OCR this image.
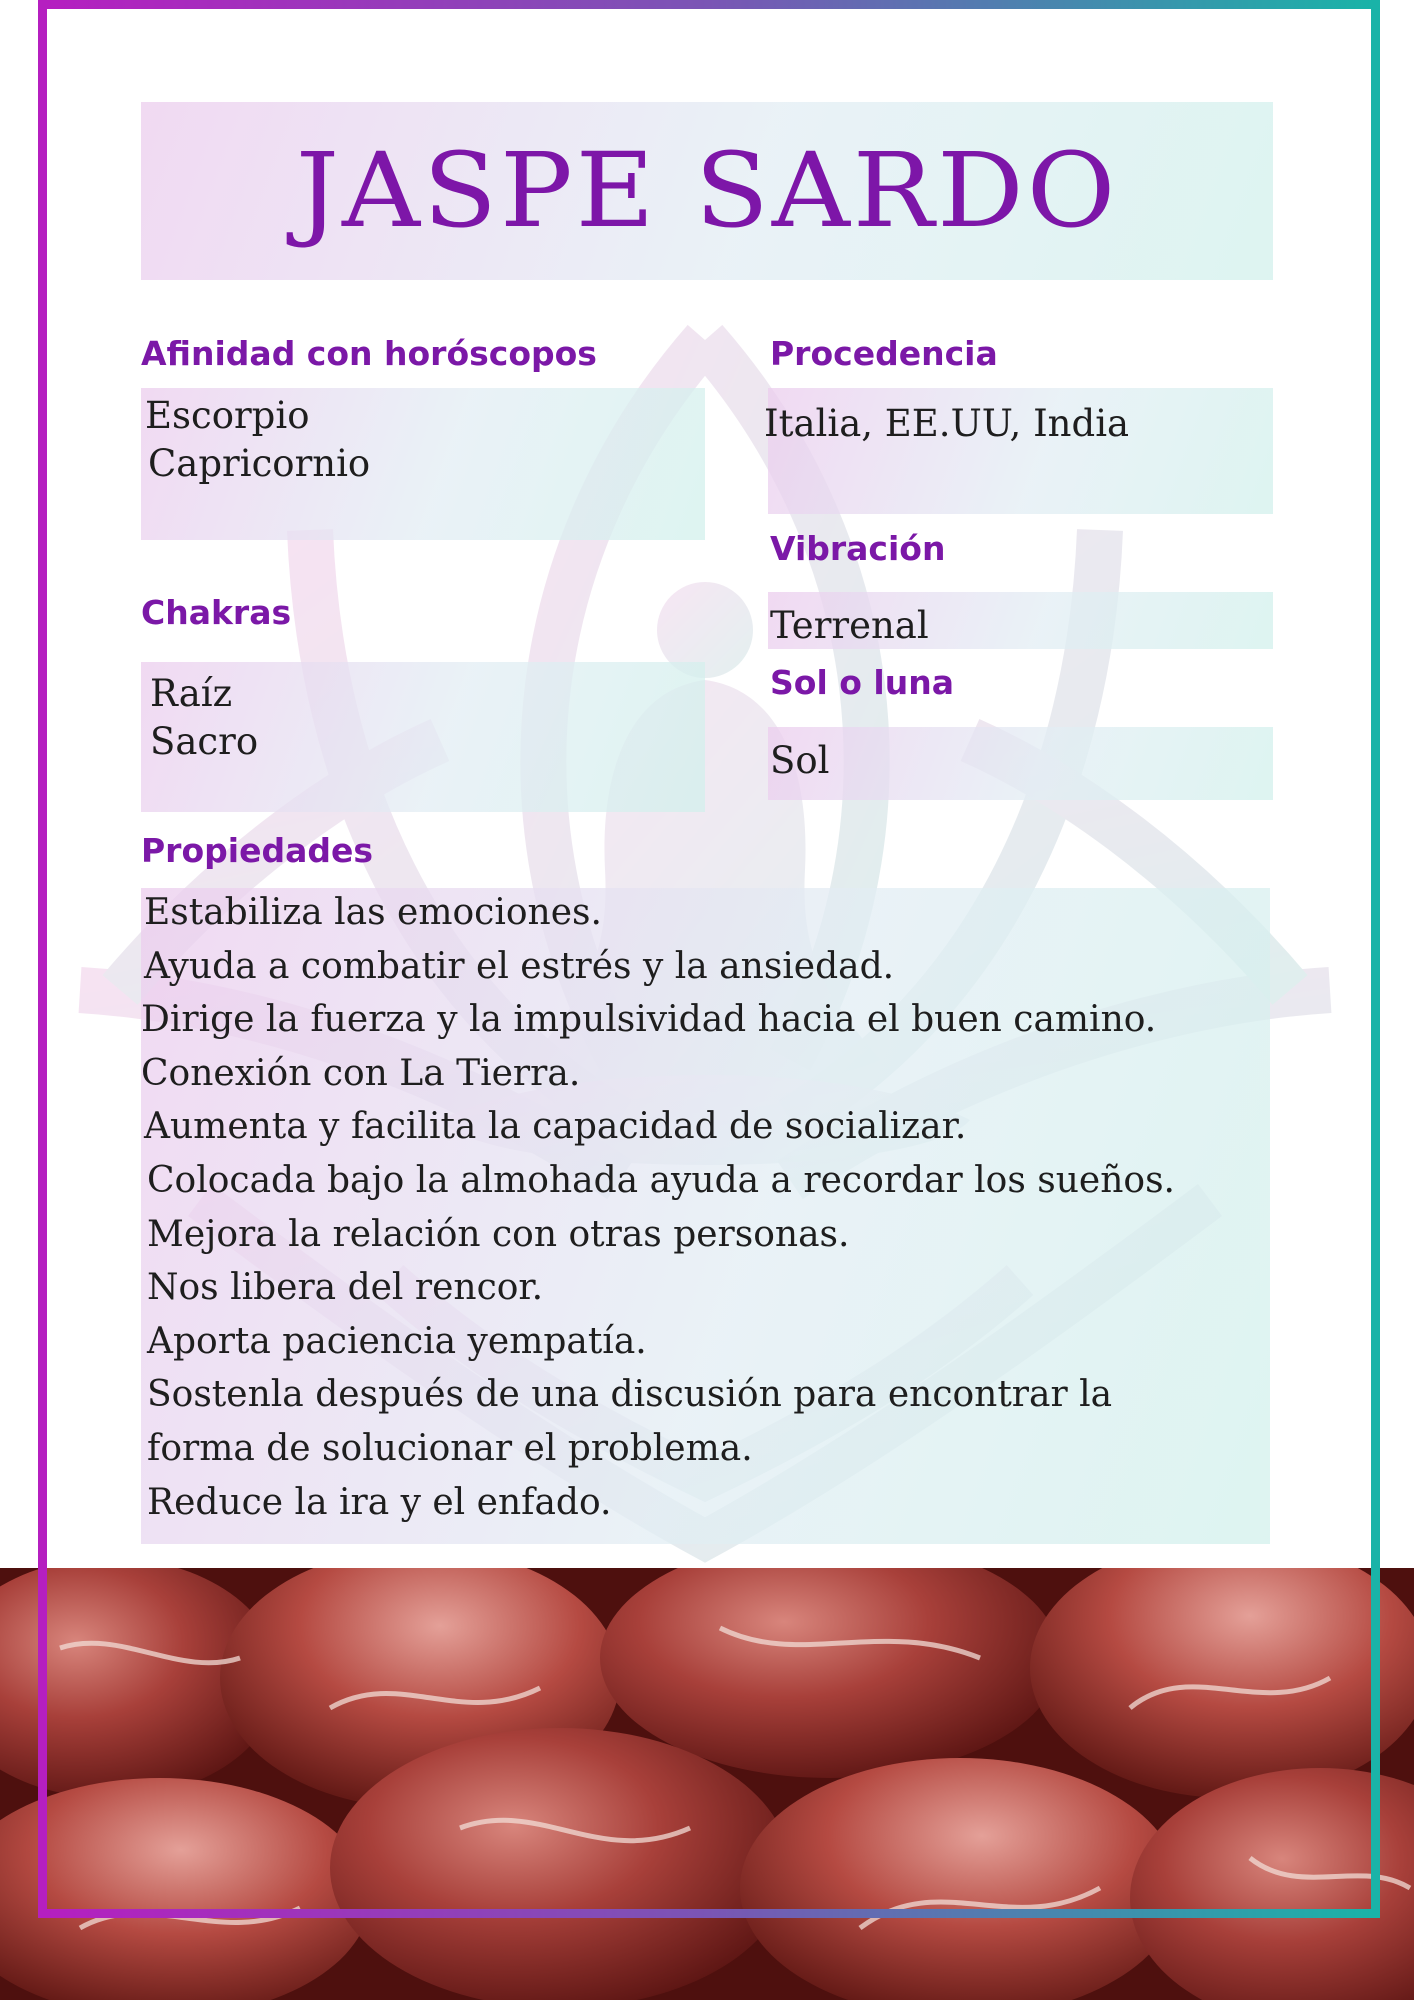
JASPE SARDO
Afinidad con horóscopos
Escorpio
Capricornio
Procedencia
Italia, EE.UU, India
Vibración
Terrenal
Chakras
Raíz
Sacro
Sol o luna
Sol
Propiedades
Estabiliza las emociones.
Ayuda a combatir el estrés y la ansiedad.
Dirige la fuerza y la impulsividad hacia el buen camino.
Conexión con La Tierra.
Aumenta y facilita la capacidad de socializar.
Colocada bajo la almohada ayuda a recordar los sueños.
Mejora la relación con otras personas.
Nos libera del rencor.
Aporta paciencia yempatía.
Sostenla después de una discusión para encontrar la
forma de solucionar el problema.
Reduce la ira y el enfado.
